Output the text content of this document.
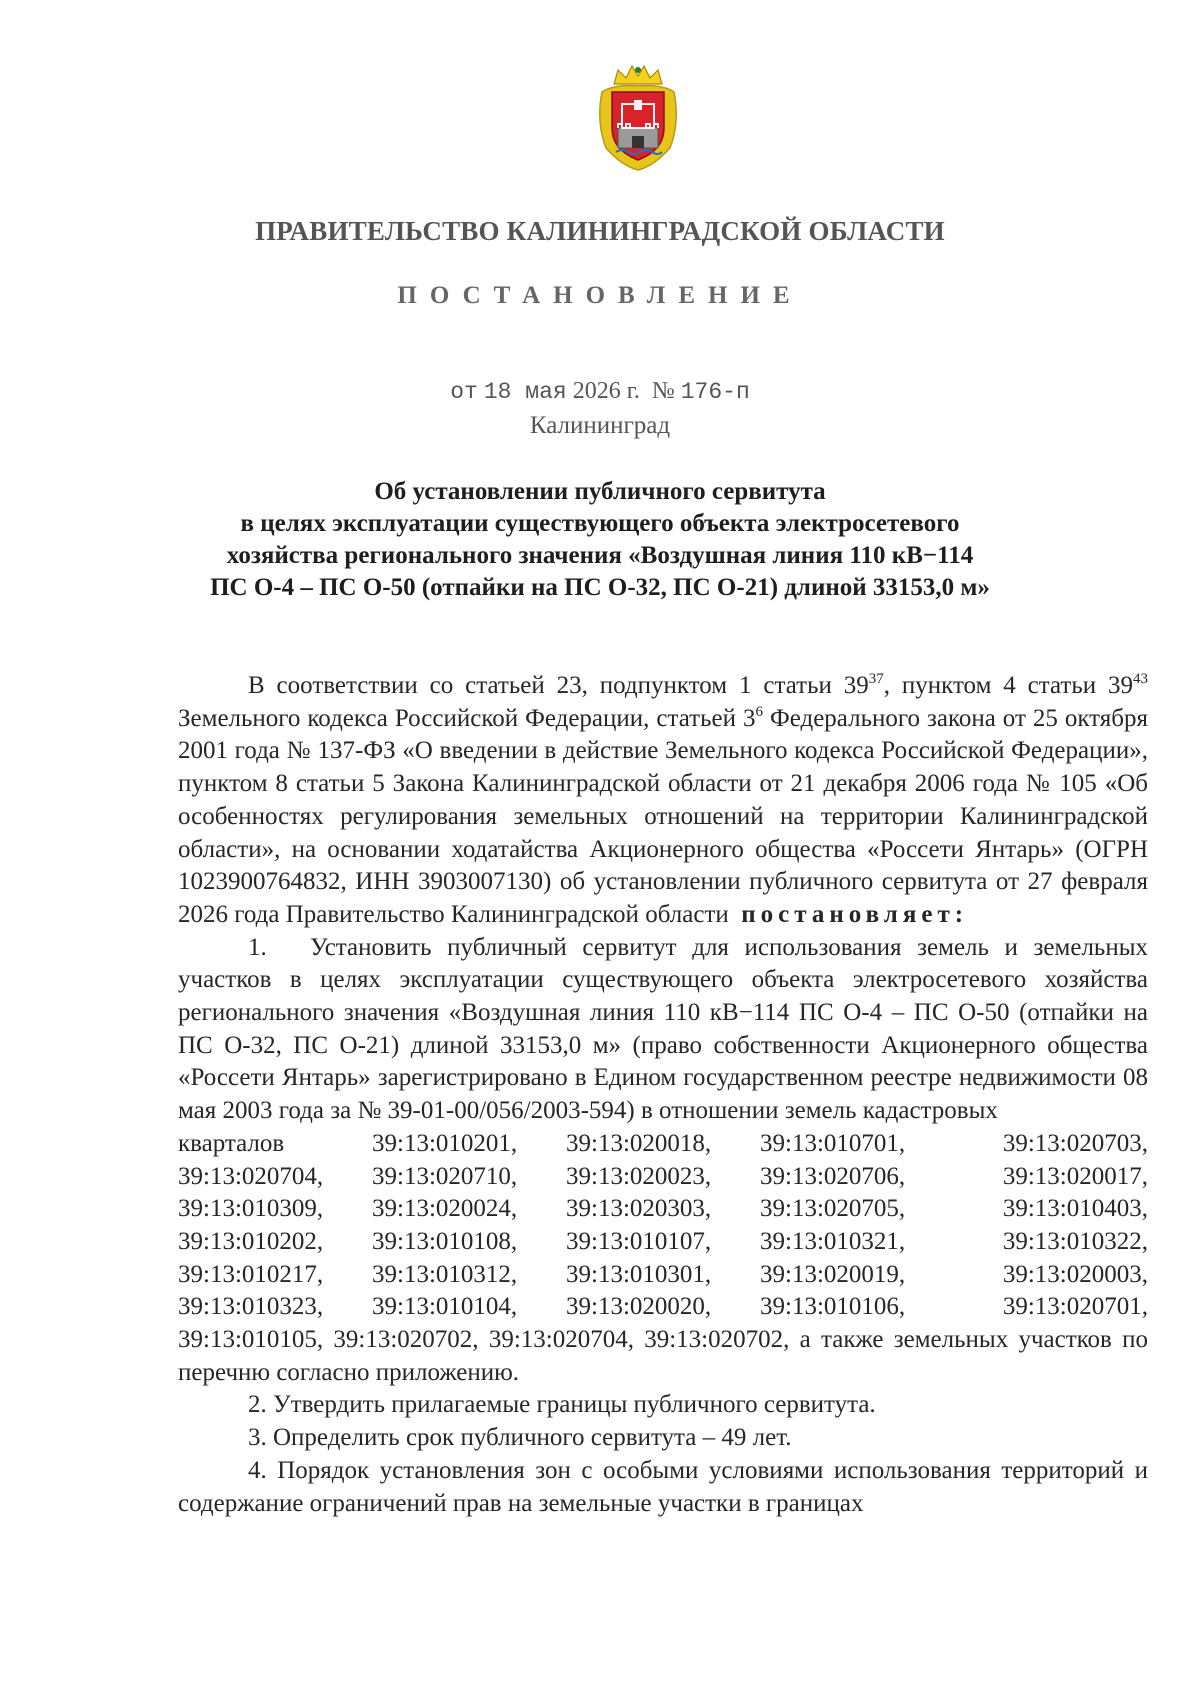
ПРАВИТЕЛЬСТВО КАЛИНИНГРАДСКОЙ ОБЛАСТИ
ПОСТАНОВЛЕНИЕ
от 18 мая 2026 г. № 176-п
Калининград
Об установлении публичного сервитута
в целях эксплуатации существующего объекта электросетевого
хозяйства регионального значения «Воздушная линия 110 кВ−114
ПС О-4 – ПС О-50 (отпайки на ПС О-32, ПС О-21) длиной 33153,0 м»

В соответствии со статьей 23, подпунктом 1 статьи $39^{37}$, пунктом 4 статьи $39^{43}$ Земельного кодекса Российской Федерации, статьей $3^6$ Федерального закона от 25 октября 2001 года № 137-ФЗ «О введении в действие Земельного кодекса Российской Федерации», пунктом 8 статьи 5 Закона Калининградской области от 21 декабря 2006 года № 105 «Об особенностях регулирования земельных отношений на территории Калининградской области», на основании ходатайства Акционерного общества «Россети Янтарь» (ОГРН 1023900764832, ИНН 3903007130) об установлении публичного сервитута от 27 февраля 2026 года Правительство Калининградской области постановляет:

1. Установить публичный сервитут для использования земель и земельных участков в целях эксплуатации существующего объекта электросетевого хозяйства регионального значения «Воздушная линия 110 кВ−114 ПС О-4 – ПС О-50 (отпайки на ПС О-32, ПС О-21) длиной 33153,0 м» (право собственности Акционерного общества «Россети Янтарь» зарегистрировано в Едином государственном реестре недвижимости 08 мая 2003 года за № 39-01-00/056/2003-594) в отношении земель кадастровых

кварталов	39:13:010201,	39:13:020018,	39:13:010701,	39:13:020703,
39:13:020704,	39:13:020710,	39:13:020023,	39:13:020706,	39:13:020017,
39:13:010309,	39:13:020024,	39:13:020303,	39:13:020705,	39:13:010403,
39:13:010202,	39:13:010108,	39:13:010107,	39:13:010321,	39:13:010322,
39:13:010217,	39:13:010312,	39:13:010301,	39:13:020019,	39:13:020003,
39:13:010323,	39:13:010104,	39:13:020020,	39:13:010106,	39:13:020701,

39:13:010105, 39:13:020702, 39:13:020704, 39:13:020702, а также земельных участков по перечню согласно приложению.

2. Утвердить прилагаемые границы публичного сервитута.

3. Определить срок публичного сервитута – 49 лет.

4. Порядок установления зон с особыми условиями использования территорий и содержание ограничений прав на земельные участки в границах
